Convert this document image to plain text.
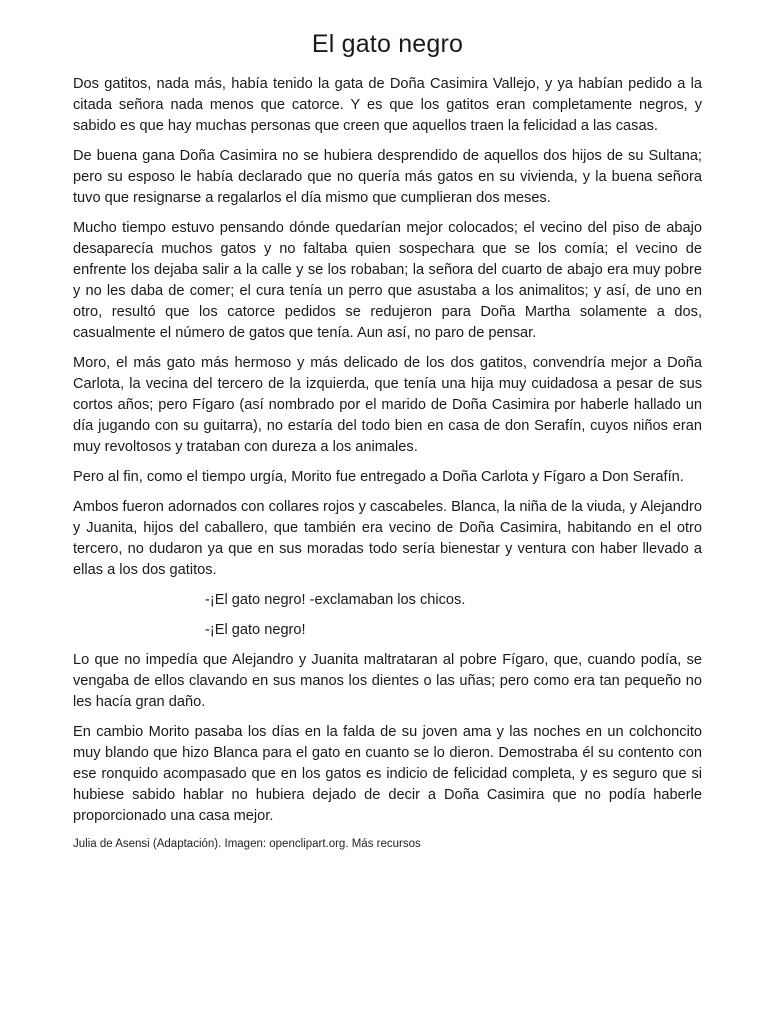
El gato negro

Dos gatitos, nada más, había tenido la gata de Doña Casimira Vallejo, y ya habían pedido a la citada señora nada menos que catorce. Y es que los gatitos eran completamente negros, y sabido es que hay muchas personas que creen que aquellos traen la felicidad a las casas.

De buena gana Doña Casimira no se hubiera desprendido de aquellos dos hijos de su Sultana; pero su esposo le había declarado que no quería más gatos en su vivienda, y la buena señora tuvo que resignarse a regalarlos el día mismo que cumplieran dos meses.

Mucho tiempo estuvo pensando dónde quedarían mejor colocados; el vecino del piso de abajo desaparecía muchos gatos y no faltaba quien sospechara que se los comía; el vecino de enfrente los dejaba salir a la calle y se los robaban; la señora del cuarto de abajo era muy pobre y no les daba de comer; el cura tenía un perro que asustaba a los animalitos; y así, de uno en otro, resultó que los catorce pedidos se redujeron para Doña Martha solamente a dos, casualmente el número de gatos que tenía. Aun así, no paro de pensar.

Moro, el más gato más hermoso y más delicado de los dos gatitos, convendría mejor a Doña Carlota, la vecina del tercero de la izquierda, que tenía una hija muy cuidadosa a pesar de sus cortos años; pero Fígaro (así nombrado por el marido de Doña Casimira por haberle hallado un día jugando con su guitarra), no estaría del todo bien en casa de don Serafín, cuyos niños eran muy revoltosos y trataban con dureza a los animales.

Pero al fin, como el tiempo urgía, Morito fue entregado a Doña Carlota y Fígaro a Don Serafín.

Ambos fueron adornados con collares rojos y cascabeles. Blanca, la niña de la viuda, y Alejandro y Juanita, hijos del caballero, que también era vecino de Doña Casimira, habitando en el otro tercero, no dudaron ya que en sus moradas todo sería bienestar y ventura con haber llevado a ellas a los dos gatitos.

-¡El gato negro! -exclamaban los chicos.

-¡El gato negro!

Lo que no impedía que Alejandro y Juanita maltrataran al pobre Fígaro, que, cuando podía, se vengaba de ellos clavando en sus manos los dientes o las uñas; pero como era tan pequeño no les hacía gran daño.

En cambio Morito pasaba los días en la falda de su joven ama y las noches en un colchoncito muy blando que hizo Blanca para el gato en cuanto se lo dieron. Demostraba él su contento con ese ronquido acompasado que en los gatos es indicio de felicidad completa, y es seguro que si hubiese sabido hablar no hubiera dejado de decir a Doña Casimira que no podía haberle proporcionado una casa mejor.

Julia de Asensi (Adaptación). Imagen: openclipart.org. Más recursos
